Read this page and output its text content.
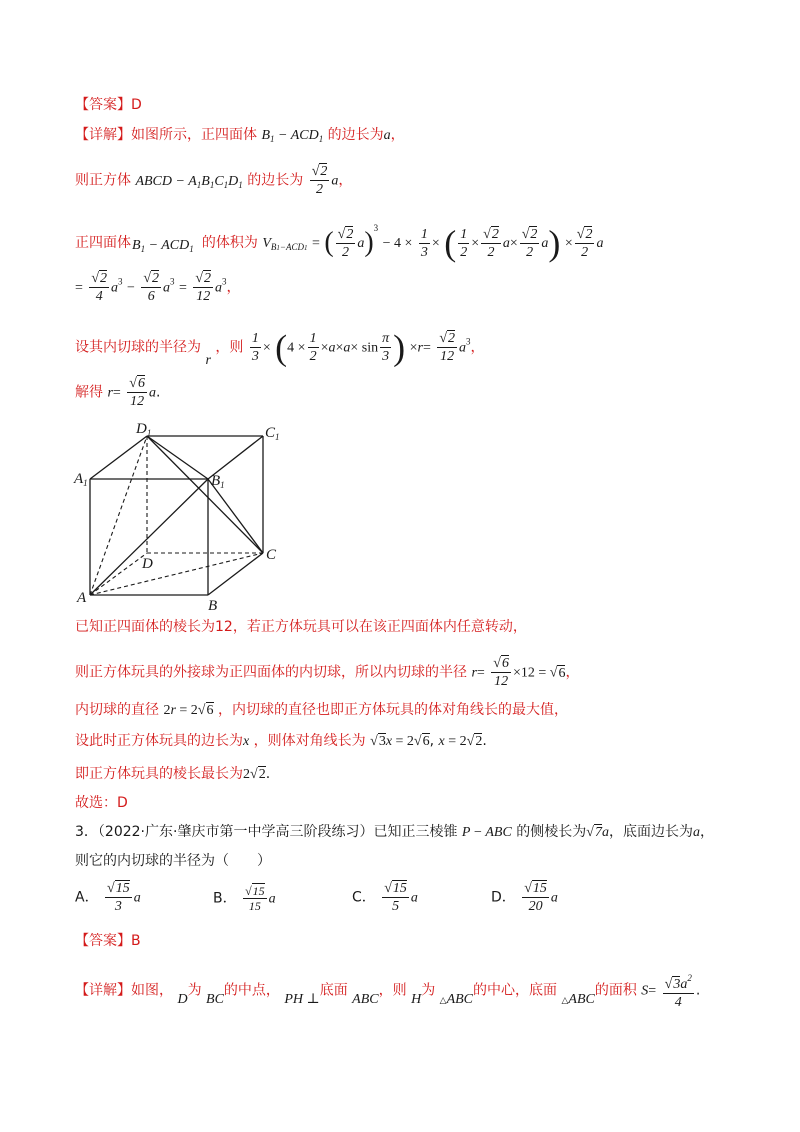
【答案】D
【详解】如图所示，正四面体 $B_1 - ACD_1$ 的边长为a，
则正方体 ABCD − $A_1B_1C_1D_1$ 的边长为 $\frac{√2}{2}$ a，
正四面体	的体积为 $V_{B1-ACD1}$ = ( $\frac{√2}{2} a)^3 - 4 \times \frac{1}{3}$ × ( $\frac{1}{2} \times \frac{√2}{2} a\times \frac{√2}{2} a) \times \frac{√2}{2}$ a
$B_1 - ACD_1$
= $\frac{√2}{4} a^3 - \frac{√2}{6} a^3 = \frac{√2}{12} a^3$，
设其内切球的半径为 r ，则 $\frac{1}{3} \times (4 \times \frac{1}{2} \times a\times a\times \sin \frac{\pi}{3}$ ) $\times r= \frac{√2}{12} a^3$，
解得 $r= \frac{√6}{12} a$.
$D_1$	$C_1$
$A_1$	$B_1$
D
C
A	B
已知正四面体的棱长为12，若正方体玩具可以在该正四面体内任意转动，
则正方体玩具的外接球为正四面体的内切球，所以内切球的半径 $r= \frac{√6}{12} \times 12 = √6$，
内切球的直径 2r = 2√6 ，内切球的直径也即正方体玩具的体对角线长的最大值，
设此时正方体玩具的边长为x ，则体对角线长为 √3x = 2√6, x = 2√2.
即正方体玩具的棱长最长为2√2.
故选：D
3．（2022·广东·肇庆市第一中学高三阶段练习）已知正三棱锥 P − ABC 的侧棱长为√7a，底面边长为a，
则它的内切球的半径为（　　）
A． $\frac{√15}{3}$ a	B． $\frac{√15}{15}$ a	C． $\frac{√15}{5}$ a	D． $\frac{√15}{20}$ a
【答案】B
【详解】如图， D为 BC的中点， PH ⊥底面 ABC，则 H为 △ABC的中心，底面 △ABC的面积 $S= \frac{√3a^2}{4}$ .
